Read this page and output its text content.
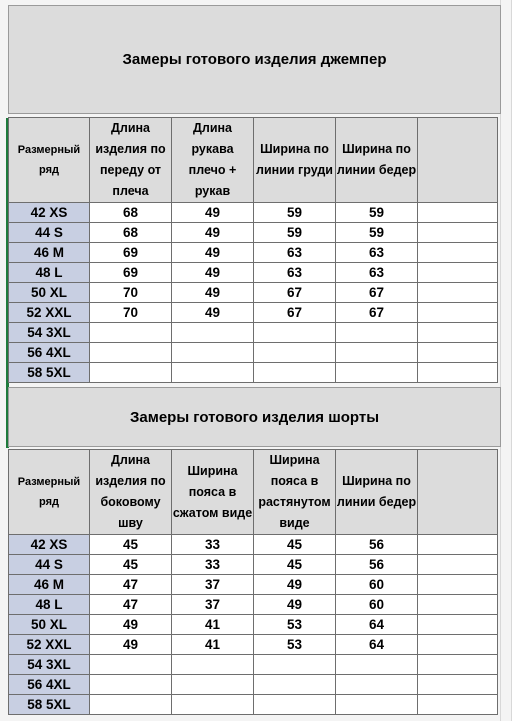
Замеры готового изделия джемпер
Размерный ряд	Длина изделия по переду от плеча	Длина рукава плечо + рукав	Ширина по линии груди	Ширина по линии бедер	
42 XS	68	49	59	59	
44 S	68	49	59	59	
46 M	69	49	63	63	
48 L	69	49	63	63	
50 XL	70	49	67	67	
52 XXL	70	49	67	67	
54 3XL					
56 4XL					
58 5XL					
Замеры готового изделия шорты
Размерный ряд	Длина изделия по боковому шву	Ширина пояса в сжатом виде	Ширина пояса в растянутом виде	Ширина по линии бедер	
42 XS	45	33	45	56	
44 S	45	33	45	56	
46 M	47	37	49	60	
48 L	47	37	49	60	
50 XL	49	41	53	64	
52 XXL	49	41	53	64	
54 3XL					
56 4XL					
58 5XL					
